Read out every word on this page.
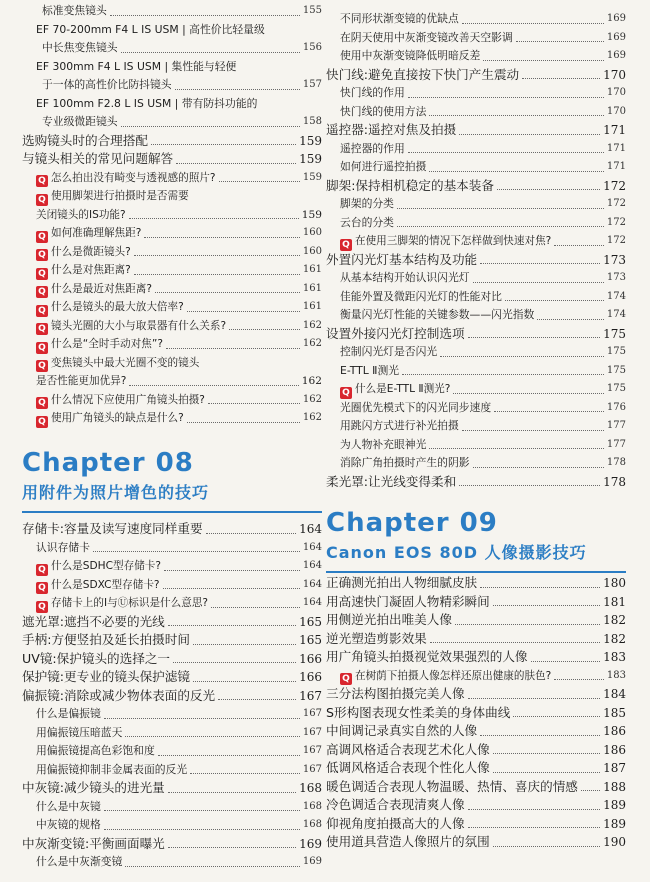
标准变焦镜头	155
EF 70-200mm F4 L IS USM | 高性价比轻量级
中长焦变焦镜头	156
EF 300mm F4 L IS USM | 集性能与轻便
于一体的高性价比防抖镜头	157
EF 100mm F2.8 L IS USM | 带有防抖功能的
专业级微距镜头	158
选购镜头时的合理搭配	159
与镜头相关的常见问题解答	159
Q 怎么拍出没有畸变与透视感的照片?	159
Q 使用脚架进行拍摄时是否需要
关闭镜头的IS功能?	159
Q 如何准确理解焦距?	160
Q 什么是微距镜头?	160
Q 什么是对焦距离?	161
Q 什么是最近对焦距离?	161
Q 什么是镜头的最大放大倍率?	161
Q 镜头光圈的大小与取景器有什么关系?	162
Q 什么是“全时手动对焦”?	162
Q 变焦镜头中最大光圈不变的镜头
是否性能更加优异?	162
Q 什么情况下应使用广角镜头拍摄?	162
Q 使用广角镜头的缺点是什么?	162
Chapter 08
用附件为照片增色的技巧
存储卡:容量及读写速度同样重要	164
认识存储卡	164
Q 什么是SDHC型存储卡?	164
Q 什么是SDXC型存储卡?	164
Q 存储卡上的I与Ⓤ标识是什么意思?	164
遮光罩:遮挡不必要的光线	165
手柄:方便竖拍及延长拍摄时间	165
UV镜:保护镜头的选择之一	166
保护镜:更专业的镜头保护滤镜	166
偏振镜:消除或减少物体表面的反光	167
什么是偏振镜	167
用偏振镜压暗蓝天	167
用偏振镜提高色彩饱和度	167
用偏振镜抑制非金属表面的反光	167
中灰镜:减少镜头的进光量	168
什么是中灰镜	168
中灰镜的规格	168
中灰渐变镜:平衡画面曝光	169
什么是中灰渐变镜	169
不同形状渐变镜的优缺点	169
在阴天使用中灰渐变镜改善天空影调	169
使用中灰渐变镜降低明暗反差	169
快门线:避免直接按下快门产生震动	170
快门线的作用	170
快门线的使用方法	170
遥控器:遥控对焦及拍摄	171
遥控器的作用	171
如何进行遥控拍摄	171
脚架:保持相机稳定的基本装备	172
脚架的分类	172
云台的分类	172
Q 在使用三脚架的情况下怎样做到快速对焦?	172
外置闪光灯基本结构及功能	173
从基本结构开始认识闪光灯	173
佳能外置及微距闪光灯的性能对比	174
衡量闪光灯性能的关键参数——闪光指数	174
设置外接闪光灯控制选项	175
控制闪光灯是否闪光	175
E-TTL Ⅱ测光	175
Q 什么是E-TTL Ⅱ测光?	175
光圈优先模式下的闪光同步速度	176
用跳闪方式进行补光拍摄	177
为人物补充眼神光	177
消除广角拍摄时产生的阴影	178
柔光罩:让光线变得柔和	178
Chapter 09
Canon EOS 80D 人像摄影技巧
正确测光拍出人物细腻皮肤	180
用高速快门凝固人物精彩瞬间	181
用侧逆光拍出唯美人像	182
逆光塑造剪影效果	182
用广角镜头拍摄视觉效果强烈的人像	183
Q 在树荫下拍摄人像怎样还原出健康的肤色?	183
三分法构图拍摄完美人像	184
S形构图表现女性柔美的身体曲线	185
中间调记录真实自然的人像	186
高调风格适合表现艺术化人像	186
低调风格适合表现个性化人像	187
暖色调适合表现人物温暖、热情、喜庆的情感 188
冷色调适合表现清爽人像	189
仰视角度拍摄高大的人像	189
使用道具营造人像照片的氛围	190
